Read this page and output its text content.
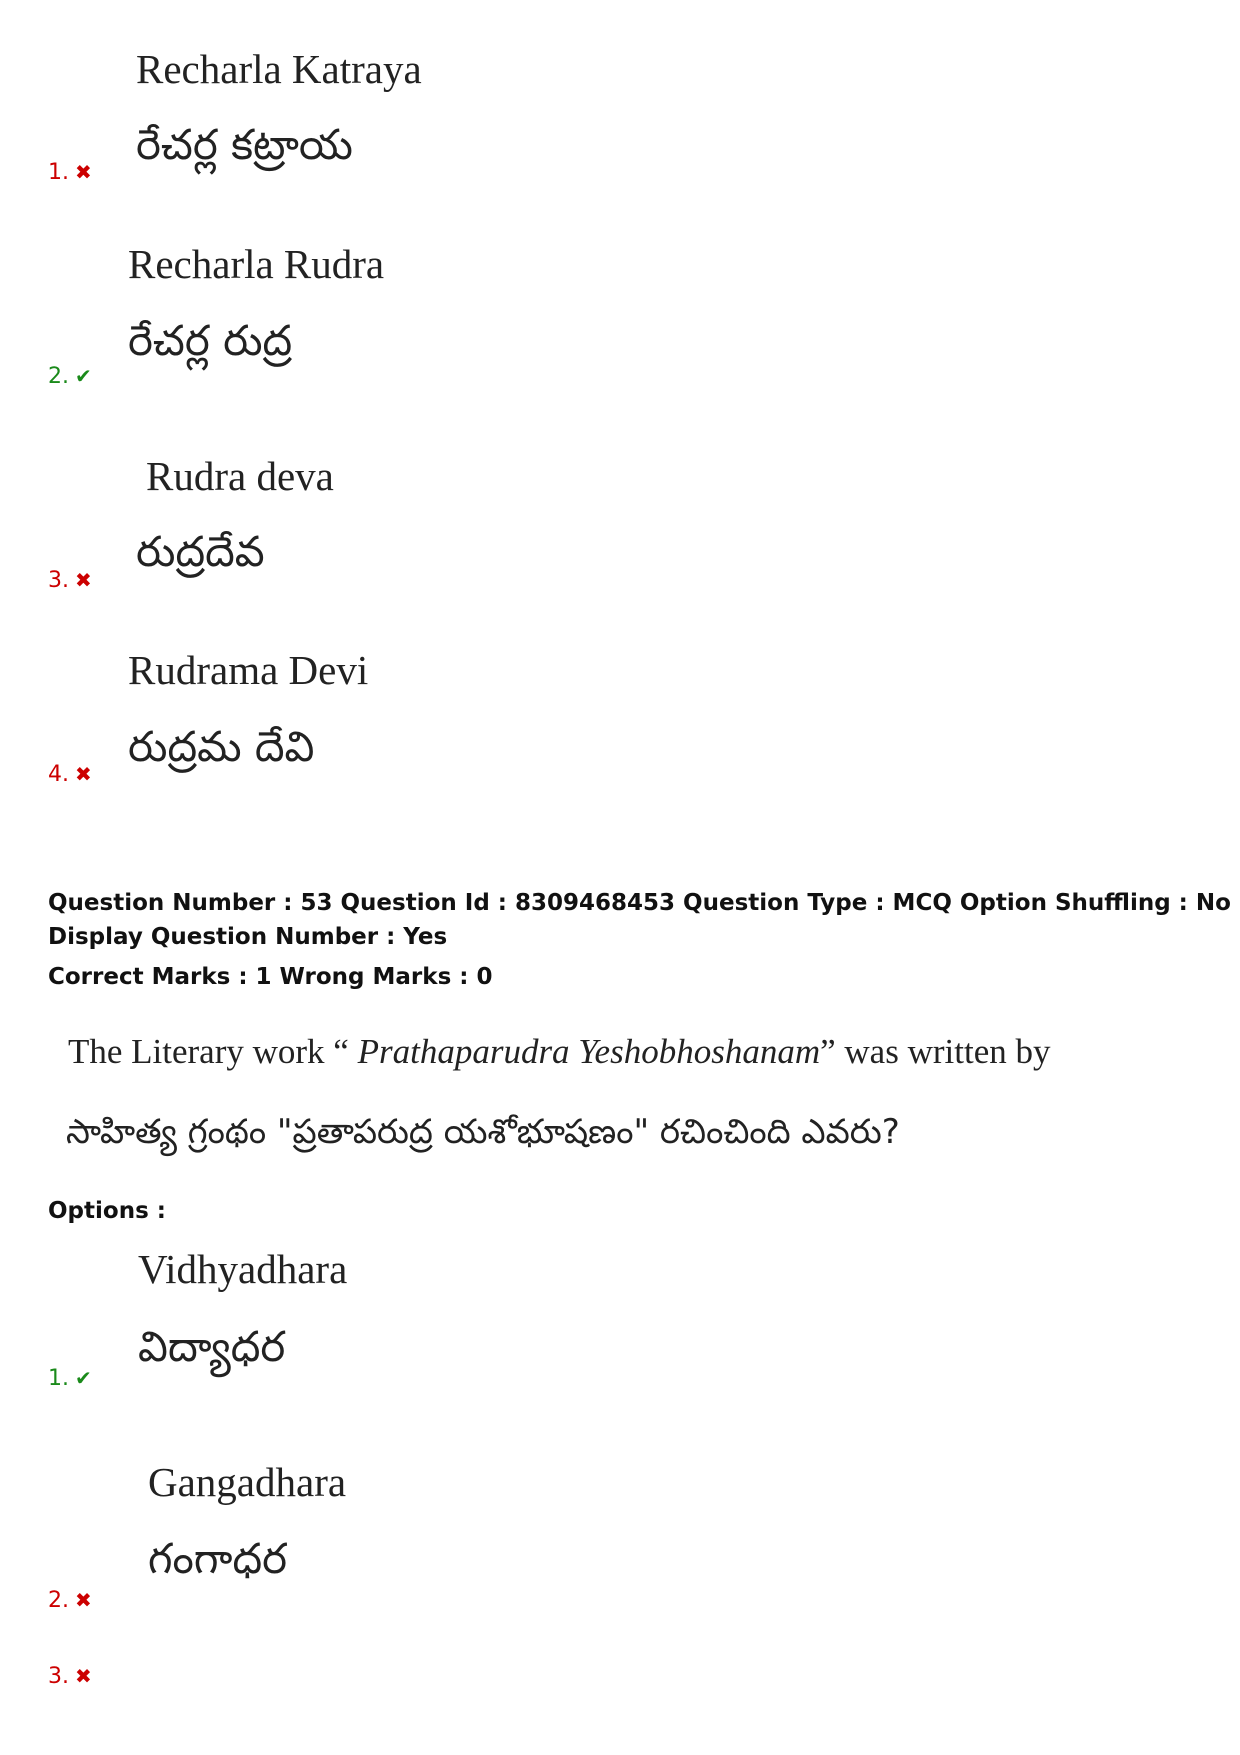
Recharla Katraya
రేచర్ల కట్రాయ
1. ✖
Recharla Rudra
రేచర్ల రుద్ర
2. ✔
Rudra deva
రుద్రదేవ
3. ✖
Rudrama Devi
రుద్రమ దేవి
4. ✖
Question Number : 53 Question Id : 8309468453 Question Type : MCQ Option Shuffling : No
Display Question Number : Yes
Correct Marks : 1 Wrong Marks : 0
The Literary work “ Prathaparudra Yeshobhoshanam” was written by
సాహిత్య గ్రంథం "ప్రతాపరుద్ర యశోభూషణం" రచించింది ఎవరు?
Options :
Vidhyadhara
విద్యాధర
1. ✔
Gangadhara
గంగాధర
2. ✖
3. ✖
